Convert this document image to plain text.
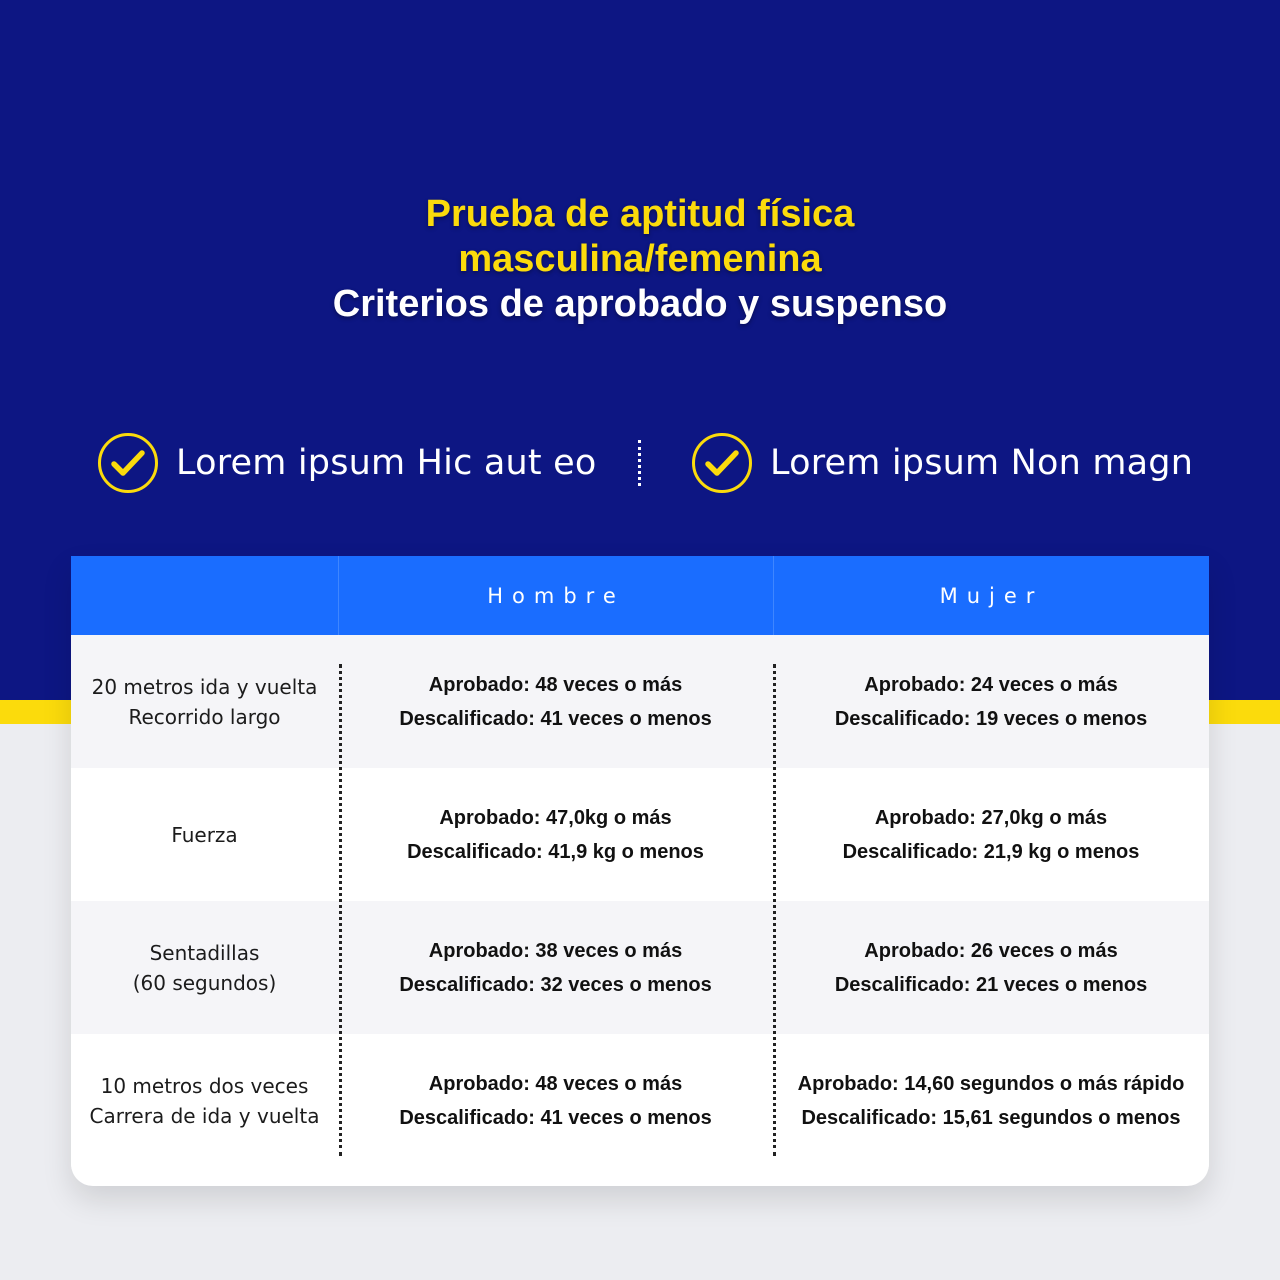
Prueba de aptitud física
masculina/femenina
Criterios de aprobado y suspenso
Lorem ipsum Hic aut eo	Lorem ipsum Non magn
Hombre	Mujer
20 metros ida y vuelta
Recorrido largo
Aprobado: 48 veces o más
Descalificado: 41 veces o menos
Aprobado: 24 veces o más
Descalificado: 19 veces o menos
Fuerza
Aprobado: 47,0kg o más
Descalificado: 41,9 kg o menos
Aprobado: 27,0kg o más
Descalificado: 21,9 kg o menos
Sentadillas
(60 segundos)
Aprobado: 38 veces o más
Descalificado: 32 veces o menos
Aprobado: 26 veces o más
Descalificado: 21 veces o menos
10 metros dos veces
Carrera de ida y vuelta
Aprobado: 48 veces o más
Descalificado: 41 veces o menos
Aprobado: 14,60 segundos o más rápido
Descalificado: 15,61 segundos o menos
